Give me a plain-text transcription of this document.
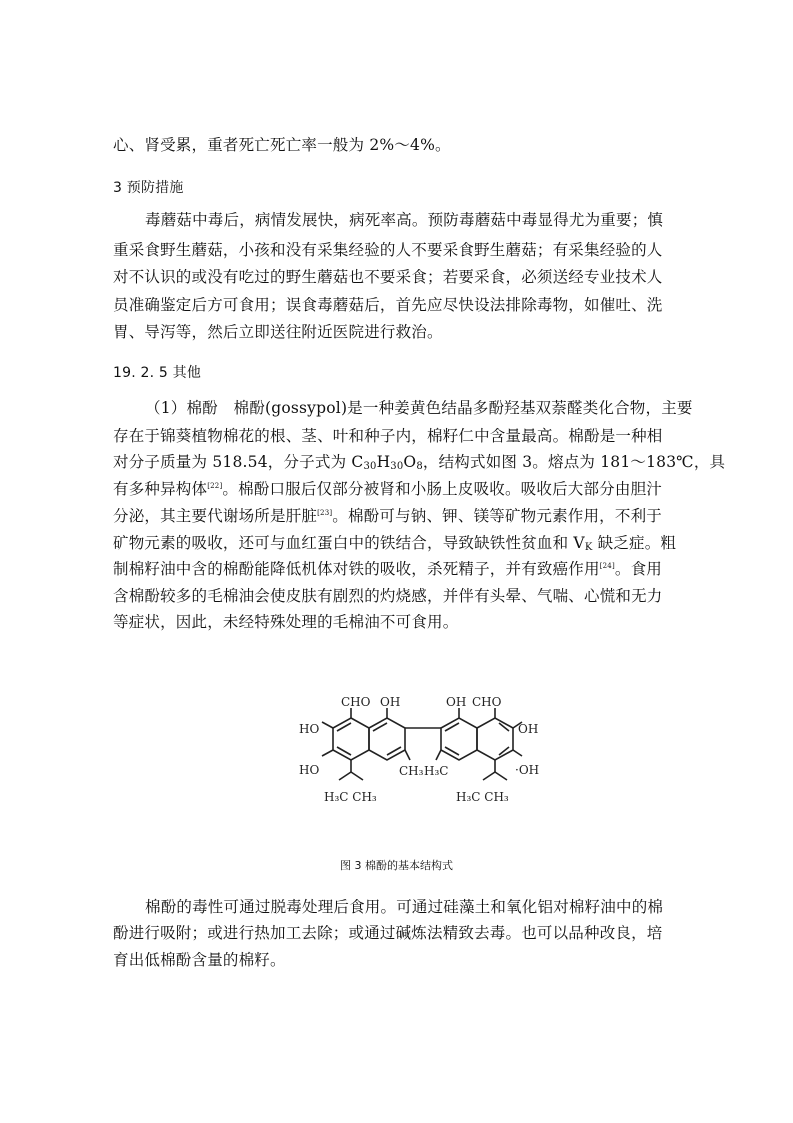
心、肾受累，重者死亡死亡率一般为 2%～4%。
3 预防措施
毒蘑菇中毒后，病情发展快，病死率高。预防毒蘑菇中毒显得尤为重要；慎
重采食野生蘑菇，小孩和没有采集经验的人不要采食野生蘑菇；有采集经验的人
对不认识的或没有吃过的野生蘑菇也不要采食；若要采食，必须送经专业技术人
员准确鉴定后方可食用；误食毒蘑菇后，首先应尽快设法排除毒物，如催吐、洗
胃、导泻等，然后立即送往附近医院进行救治。
19. 2. 5 其他
（1）棉酚　棉酚(gossypol)是一种姜黄色结晶多酚羟基双萘醛类化合物，主要
存在于锦葵植物棉花的根、茎、叶和种子内，棉籽仁中含量最高。棉酚是一种相
对分子质量为 518.54，分子式为 $C_{30}H_{30}O_8$，结构式如图 3。熔点为 181～183℃，具
有多种异构体[22]。棉酚口服后仅部分被肾和小肠上皮吸收。吸收后大部分由胆汁
分泌，其主要代谢场所是肝脏[23]。棉酚可与钠、钾、镁等矿物元素作用，不利于
矿物元素的吸收，还可与血红蛋白中的铁结合，导致缺铁性贫血和 $V_K$ 缺乏症。粗
制棉籽油中含的棉酚能降低机体对铁的吸收，杀死精子，并有致癌作用[24]。食用
含棉酚较多的毛棉油会使皮肤有剧烈的灼烧感，并伴有头晕、气喘、心慌和无力
等症状，因此，未经特殊处理的毛棉油不可食用。
CHO OH
HO
HO	CH₃ H₃C
H₃C CH₃
OH CHO
OH
·OH
H₃C CH₃
图 3 棉酚的基本结构式
棉酚的毒性可通过脱毒处理后食用。可通过硅藻土和氧化铝对棉籽油中的棉
酚进行吸附；或进行热加工去除；或通过碱炼法精致去毒。也可以品种改良，培
育出低棉酚含量的棉籽。
